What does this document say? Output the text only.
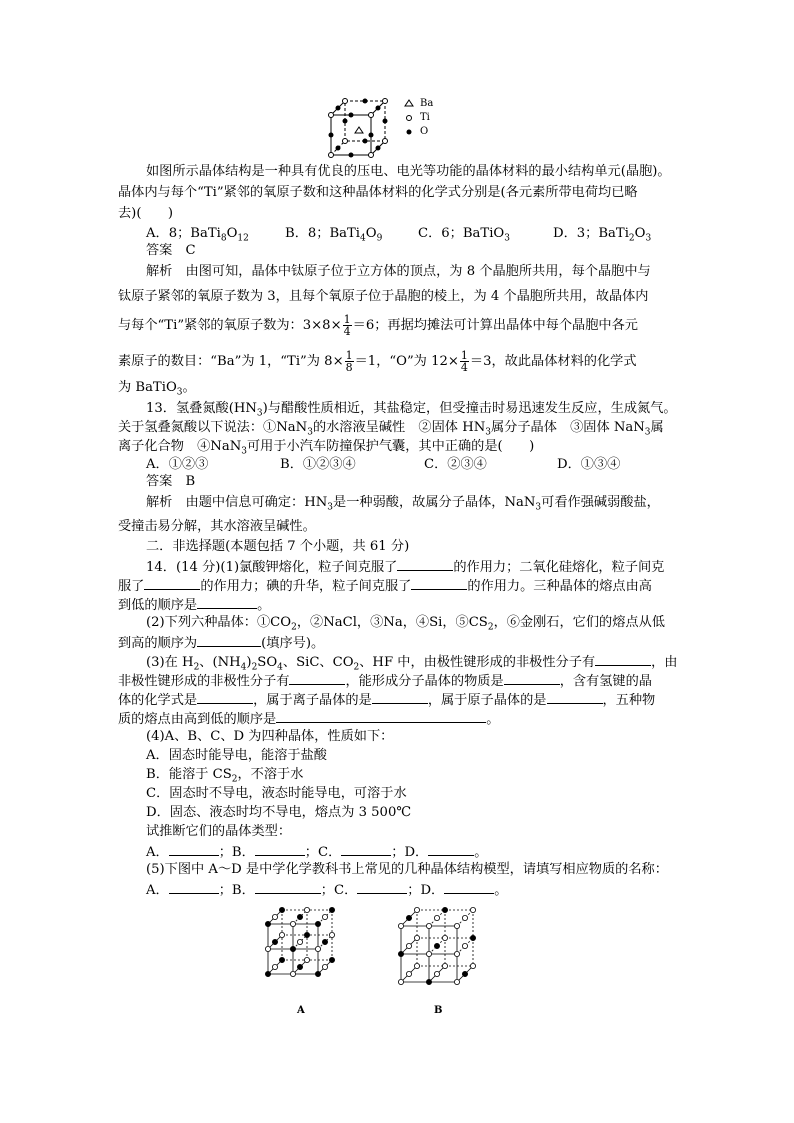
Ba
Ti
O
如图所示晶体结构是一种具有优良的压电、电光等功能的晶体材料的最小结构单元(晶胞)。
晶体内与每个“Ti”紧邻的氧原子数和这种晶体材料的化学式分别是(各元素所带电荷均已略
去)(　　)
A．8；$BaTi_8O_{12}$	B．8；$BaTi_4O_9$	C．6；BaTiO$_3$	D．3；$BaTi_2O_3$
答案　C
解析　由图可知，晶体中钛原子位于立方体的顶点，为 8 个晶胞所共用，每个晶胞中与
钛原子紧邻的氧原子数为 3，且每个氧原子位于晶胞的棱上，为 4 个晶胞所共用，故晶体内
与每个“Ti”紧邻的氧原子数为：$3\times 8\times \frac{1}{4} =6$；再据均摊法可计算出晶体中每个晶胞中各元
素原子的数目：“Ba”为 1，“Ti”为 $8\times \frac{1}{8} =1$，“O”为 $12\times \frac{1}{4} =3$，故此晶体材料的化学式
为 BaTiO$_3$。
13．氢叠氮酸$(HN_3)$与醋酸性质相近，其盐稳定，但受撞击时易迅速发生反应，生成氮气。
关于氢叠氮酸以下说法：①NaN$_3$的水溶液呈碱性　②固体 $HN_3$属分子晶体　③固体 NaN$_3$属
离子化合物　④NaN$_3$可用于小汽车防撞保护气囊，其中正确的是(　　)
A．①②③	B．①②③④	C．②③④	D．①③④
答案　B
解析　由题中信息可确定：$HN_3$是一种弱酸，故属分子晶体，NaN$_3$可看作强碱弱酸盐，
受撞击易分解，其水溶液呈碱性。
二．非选择题(本题包括 7 个小题，共 61 分)
14．(14 分)(1)氯酸钾熔化，粒子间克服了	的作用力；二氧化硅熔化，粒子间克
服了	的作用力；碘的升华，粒子间克服了	的作用力。三种晶体的熔点由高
到低的顺序是	。
(2)下列六种晶体：$①CO_2$，②NaCl，③Na，④Si，$⑤CS_2$，⑥金刚石，它们的熔点从低
到高的顺序为	(填序号)。
(3)在 $H_2$、$(NH_4)_2SO_4$、SiC、$CO_2$、HF 中，由极性键形成的非极性分子有	，由
非极性键形成的非极性分子有	，能形成分子晶体的物质是	，含有氢键的晶
体的化学式是	，属于离子晶体的是	，属于原子晶体的是	，五种物
质的熔点由高到低的顺序是	。
(4)A、B、C、D 为四种晶体，性质如下：
A．固态时能导电，能溶于盐酸
B．能溶于 $CS_2$，不溶于水
C．固态时不导电，液态时能导电，可溶于水
D．固态、液态时均不导电，熔点为 3 500℃
试推断它们的晶体类型：
A．	；B．	；C．	；D．	。
(5)下图中 A～D 是中学化学教科书上常见的几种晶体结构模型，请填写相应物质的名称：
A．	；B．	；C．	；D．	。
A	B
